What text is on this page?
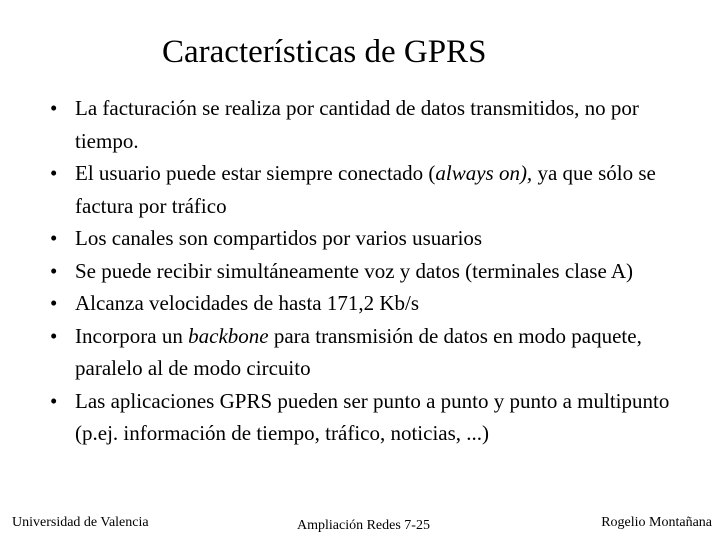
Características de GPRS
• La facturación se realiza por cantidad de datos transmitidos, no por tiempo.
• El usuario puede estar siempre conectado (always on), ya que sólo se factura por tráfico
• Los canales son compartidos por varios usuarios
• Se puede recibir simultáneamente voz y datos (terminales clase A)
• Alcanza velocidades de hasta 171,2 Kb/s
• Incorpora un backbone para transmisión de datos en modo paquete, paralelo al de modo circuito
• Las aplicaciones GPRS pueden ser punto a punto y punto a multipunto (p.ej. información de tiempo, tráfico, noticias, ...)
Universidad de Valencia	Ampliación Redes 7-25	Rogelio Montañana
